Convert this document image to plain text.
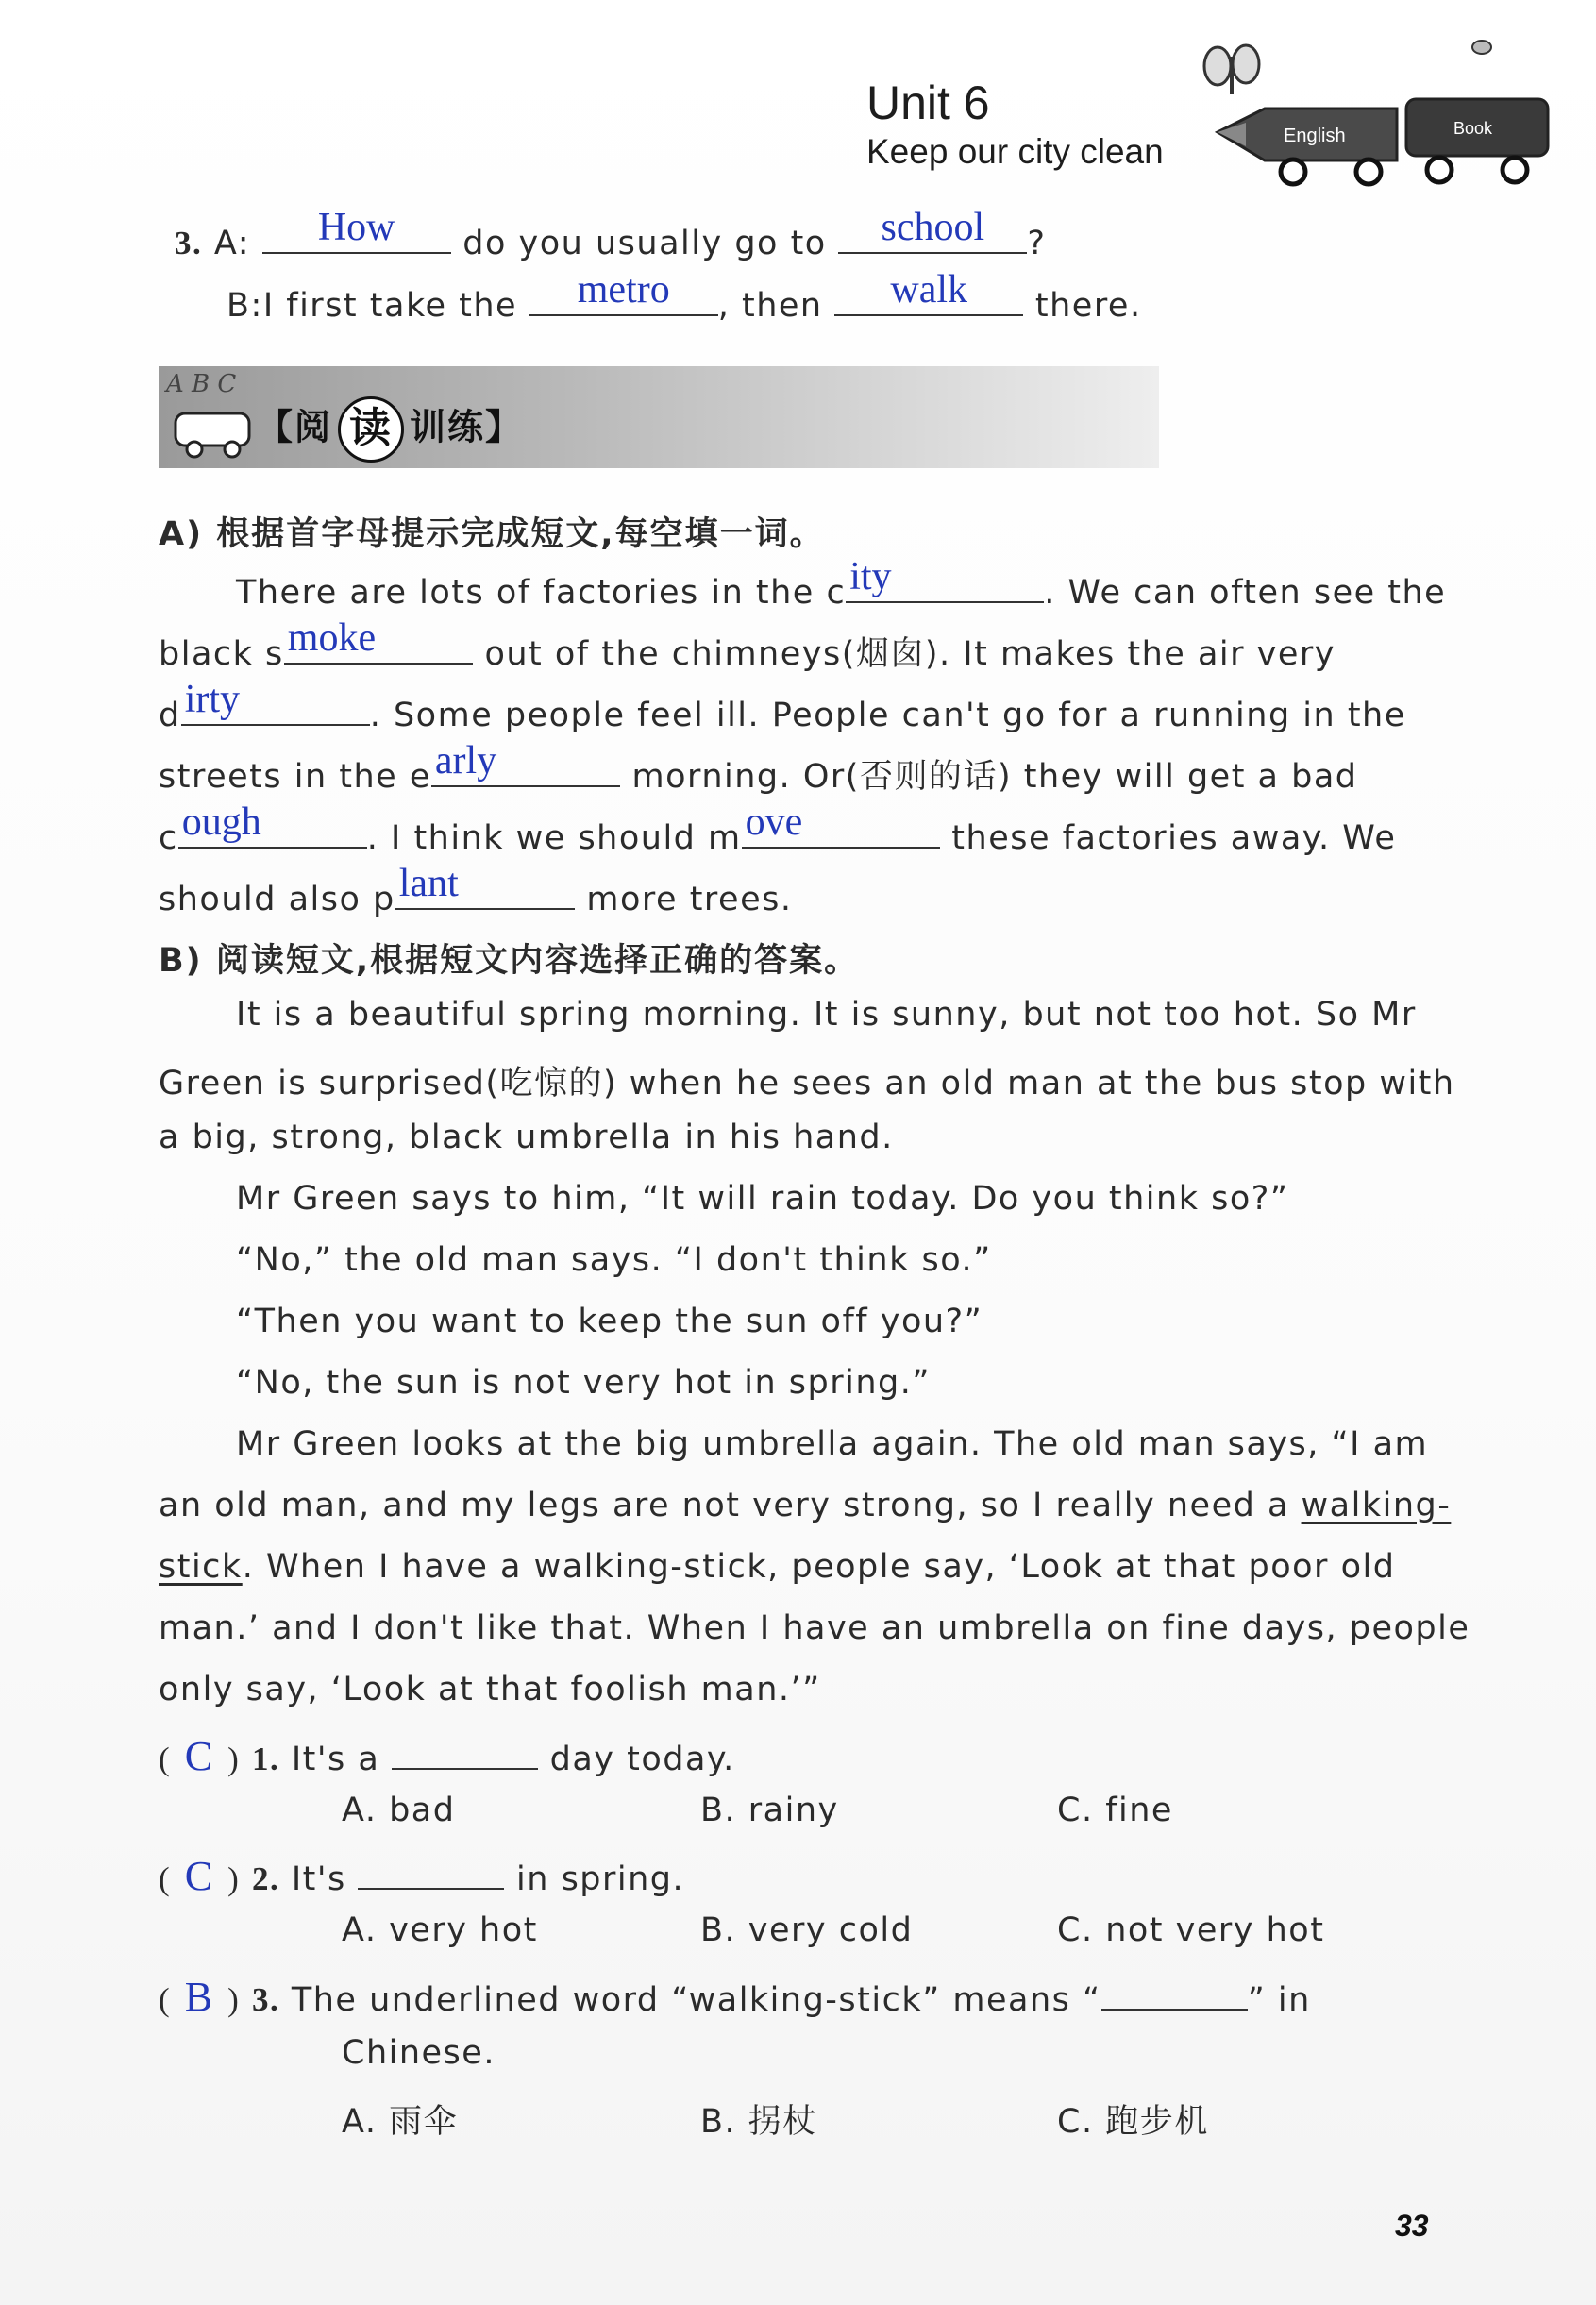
English	Book
Unit 6
Keep our city clean
3. A:	How	do you usually go to	school	?
B:I first take the	metro	, then	walk	there.
A B C
【阅 读 训练】
A) 根据首字母提示完成短文,每空填一词。
There are lots of factories in the c ity	. We can often see the
black s moke	out of the chimneys(烟囱). It makes the air very
d irty	. Some people feel ill. People can't go for a running in the
streets in the e arly	morning. Or(否则的话) they will get a bad
c ough	. I think we should m ove	these factories away. We
should also p lant	more trees.
B) 阅读短文,根据短文内容选择正确的答案。
It is a beautiful spring morning. It is sunny, but not too hot. So Mr
Green is surprised(吃惊的) when he sees an old man at the bus stop with
a big, strong, black umbrella in his hand.
Mr Green says to him, “It will rain today. Do you think so?”
“No,” the old man says. “I don't think so.”
“Then you want to keep the sun off you?”
“No, the sun is not very hot in spring.”
Mr Green looks at the big umbrella again. The old man says, “I am
an old man, and my legs are not very strong, so I really need a walking-
stick. When I have a walking-stick, people say, ‘Look at that poor old
man.’ and I don't like that. When I have an umbrella on fine days, people
only say, ‘Look at that foolish man.’”
( C ) 1. It's a	day today.
A. bad	B. rainy	C. fine
( C ) 2. It's	in spring.
A. very hot	B. very cold	C. not very hot
( B ) 3. The underlined word “walking-stick” means “	” in
Chinese.
A. 雨伞	B. 拐杖	C. 跑步机
33
